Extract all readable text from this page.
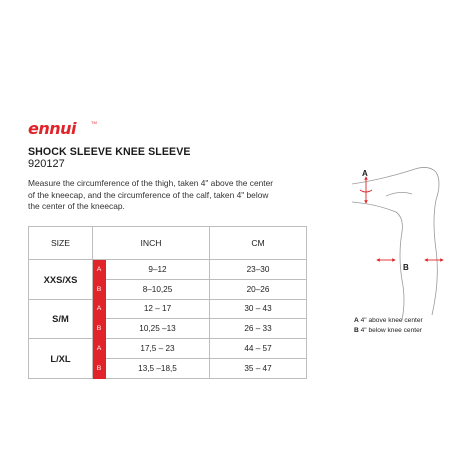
ennui	TM
SHOCK SLEEVE KNEE SLEEVE
920127
Measure the circumference of the thigh, taken 4" above the center of the kneecap, and the circumference of the calf, taken 4" below the center of the kneecap.
SIZE	INCH		CM
XXS/XS	A	9–12	23–30
	B	8–10,25	20–26
S/M	A	12 – 17	30 – 43
	B	10,25 –13	26 – 33
L/XL	A	17,5 – 23	44 – 57
	B	13,5 –18,5	35 – 47
A
B
A 4" above knee center
B 4" below knee center
